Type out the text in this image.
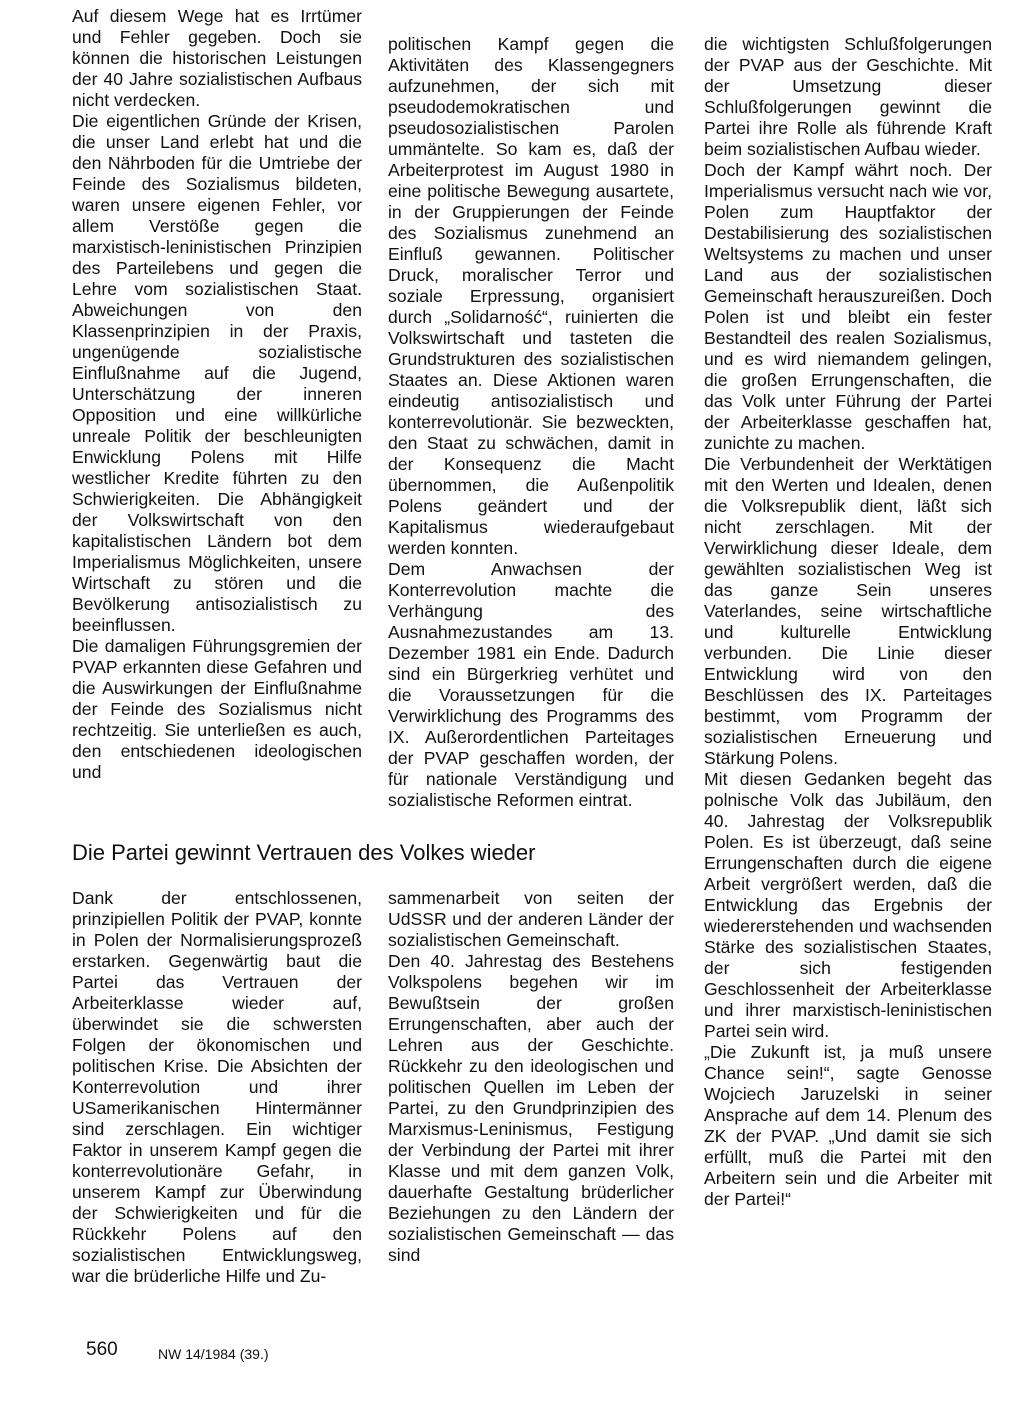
Auf diesem Wege hat es Irrtümer und Fehler gegeben. Doch sie können die historischen Leistungen der 40 Jahre sozialistischen Aufbaus nicht verdecken.

Die eigentlichen Gründe der Krisen, die unser Land erlebt hat und die den Nährboden für die Umtriebe der Feinde des Sozialismus bildeten, waren unsere eigenen Fehler, vor allem Verstöße gegen die marxistisch-leninistischen Prinzipien des Parteilebens und gegen die Lehre vom sozialistischen Staat. Abweichungen von den Klassenprinzipien in der Praxis, ungenügende sozialistische Einflußnahme auf die Jugend, Unterschätzung der inneren Opposition und eine willkürliche unreale Politik der beschleunigten Enwicklung Polens mit Hilfe westlicher Kredite führten zu den Schwierigkeiten. Die Abhängigkeit der Volkswirtschaft von den kapitalistischen Ländern bot dem Imperialismus Möglichkeiten, unsere Wirtschaft zu stören und die Bevölkerung antisozialistisch zu beeinflussen.

Die damaligen Führungsgremien der PVAP erkannten diese Gefahren und die Auswirkungen der Einflußnahme der Feinde des Sozialismus nicht rechtzeitig. Sie unterließen es auch, den entschiedenen ideologischen und

politischen Kampf gegen die Aktivitäten des Klassengegners aufzunehmen, der sich mit pseudodemokratischen und pseudosozialistischen Parolen ummäntelte. So kam es, daß der Arbeiterprotest im August 1980 in eine politische Bewegung ausartete, in der Gruppierungen der Feinde des Sozialismus zunehmend an Einfluß gewannen. Politischer Druck, moralischer Terror und soziale Erpressung, organisiert durch „Solidarność“, ruinierten die Volkswirtschaft und tasteten die Grundstrukturen des sozialistischen Staates an. Diese Aktionen waren eindeutig antisozialistisch und konterrevolutionär. Sie bezweckten, den Staat zu schwächen, damit in der Konsequenz die Macht übernommen, die Außenpolitik Polens geändert und der Kapitalismus wiederaufgebaut werden konnten.

Dem Anwachsen der Konterrevolution machte die Verhängung des Ausnahmezustandes am 13. Dezember 1981 ein Ende. Dadurch sind ein Bürgerkrieg verhütet und die Voraussetzungen für die Verwirklichung des Programms des IX. Außerordentlichen Parteitages der PVAP geschaffen worden, der für nationale Verständigung und sozialistische Reformen eintrat.

die wichtigsten Schlußfolgerungen der PVAP aus der Geschichte. Mit der Umsetzung dieser Schlußfolgerungen gewinnt die Partei ihre Rolle als führende Kraft beim sozialistischen Aufbau wieder.

Doch der Kampf währt noch. Der Imperialismus versucht nach wie vor, Polen zum Hauptfaktor der Destabilisierung des sozialistischen Weltsystems zu machen und unser Land aus der sozialistischen Gemeinschaft herauszureißen. Doch Polen ist und bleibt ein fester Bestandteil des realen Sozialismus, und es wird niemandem gelingen, die großen Errungenschaften, die das Volk unter Führung der Partei der Arbeiterklasse geschaffen hat, zunichte zu machen.

Die Verbundenheit der Werktätigen mit den Werten und Idealen, denen die Volksrepublik dient, läßt sich nicht zerschlagen. Mit der Verwirklichung dieser Ideale, dem gewählten sozialistischen Weg ist das ganze Sein unseres Vaterlandes, seine wirtschaftliche und kulturelle Entwicklung verbunden. Die Linie dieser Entwicklung wird von den Beschlüssen des IX. Parteitages bestimmt, vom Programm der sozialistischen Erneuerung und Stärkung Polens.

Mit diesen Gedanken begeht das polnische Volk das Jubiläum, den 40. Jahrestag der Volksrepublik Polen. Es ist überzeugt, daß seine Errungenschaften durch die eigene Arbeit vergrößert werden, daß die Entwicklung das Ergebnis der wiedererstehenden und wachsenden Stärke des sozialistischen Staates, der sich festigenden Geschlossenheit der Arbeiterklasse und ihrer marxistisch-leninistischen Partei sein wird.

„Die Zukunft ist, ja muß unsere Chance sein!“, sagte Genosse Wojciech Jaruzelski in seiner Ansprache auf dem 14. Plenum des ZK der PVAP. „Und damit sie sich erfüllt, muß die Partei mit den Arbeitern sein und die Arbeiter mit der Partei!“

Die Partei gewinnt Vertrauen des Volkes wieder

Dank der entschlossenen, prinzipiellen Politik der PVAP, konnte in Polen der Normalisierungsprozeß erstarken. Gegenwärtig baut die Partei das Vertrauen der Arbeiterklasse wieder auf, überwindet sie die schwersten Folgen der ökonomischen und politischen Krise. Die Absichten der Konterrevolution und ihrer USamerikanischen Hintermänner sind zerschlagen. Ein wichtiger Faktor in unserem Kampf gegen die konterrevolutionäre Gefahr, in unserem Kampf zur Überwindung der Schwierigkeiten und für die Rückkehr Polens auf den sozialistischen Entwicklungsweg, war die brüderliche Hilfe und Zu-

sammenarbeit von seiten der UdSSR und der anderen Länder der sozialistischen Gemeinschaft.

Den 40. Jahrestag des Bestehens Volkspolens begehen wir im Bewußtsein der großen Errungenschaften, aber auch der Lehren aus der Geschichte. Rückkehr zu den ideologischen und politischen Quellen im Leben der Partei, zu den Grundprinzipien des Marxismus-Leninismus, Festigung der Verbindung der Partei mit ihrer Klasse und mit dem ganzen Volk, dauerhafte Gestaltung brüderlicher Beziehungen zu den Ländern der sozialistischen Gemeinschaft — das sind

560	NW 14/1984 (39.)
